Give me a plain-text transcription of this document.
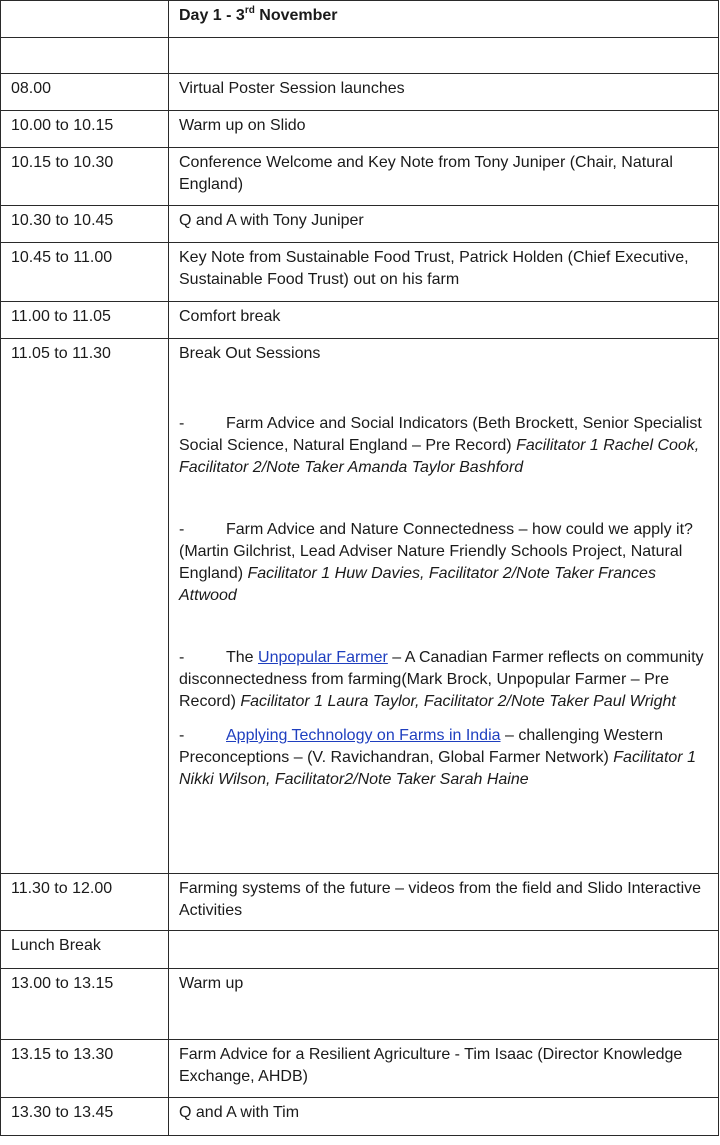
	Day 1 - 3rd November

08.00	Virtual Poster Session launches
10.00 to 10.15	Warm up on Slido
10.15 to 10.30	Conference Welcome and Key Note from Tony Juniper (Chair, Natural England)
10.30 to 10.45	Q and A with Tony Juniper
10.45 to 11.00	Key Note from Sustainable Food Trust, Patrick Holden (Chief Executive, Sustainable Food Trust) out on his farm
11.00 to 11.05	Comfort break
11.05 to 11.30	Break Out Sessions
- Farm Advice and Social Indicators (Beth Brockett, Senior Specialist Social Science, Natural England – Pre Record) Facilitator 1 Rachel Cook, Facilitator 2/Note Taker Amanda Taylor Bashford
- Farm Advice and Nature Connectedness – how could we apply it? (Martin Gilchrist, Lead Adviser Nature Friendly Schools Project, Natural England) Facilitator 1 Huw Davies, Facilitator 2/Note Taker Frances Attwood
- The Unpopular Farmer – A Canadian Farmer reflects on community disconnectedness from farming(Mark Brock, Unpopular Farmer – Pre Record) Facilitator 1 Laura Taylor, Facilitator 2/Note Taker Paul Wright
- Applying Technology on Farms in India – challenging Western Preconceptions – (V. Ravichandran, Global Farmer Network) Facilitator 1 Nikki Wilson, Facilitator2/Note Taker Sarah Haine

11.30 to 12.00	Farming systems of the future – videos from the field and Slido Interactive Activities
Lunch Break	
13.00 to 13.15	Warm up
13.15 to 13.30	Farm Advice for a Resilient Agriculture - Tim Isaac (Director Knowledge Exchange, AHDB)
13.30 to 13.45	Q and A with Tim
